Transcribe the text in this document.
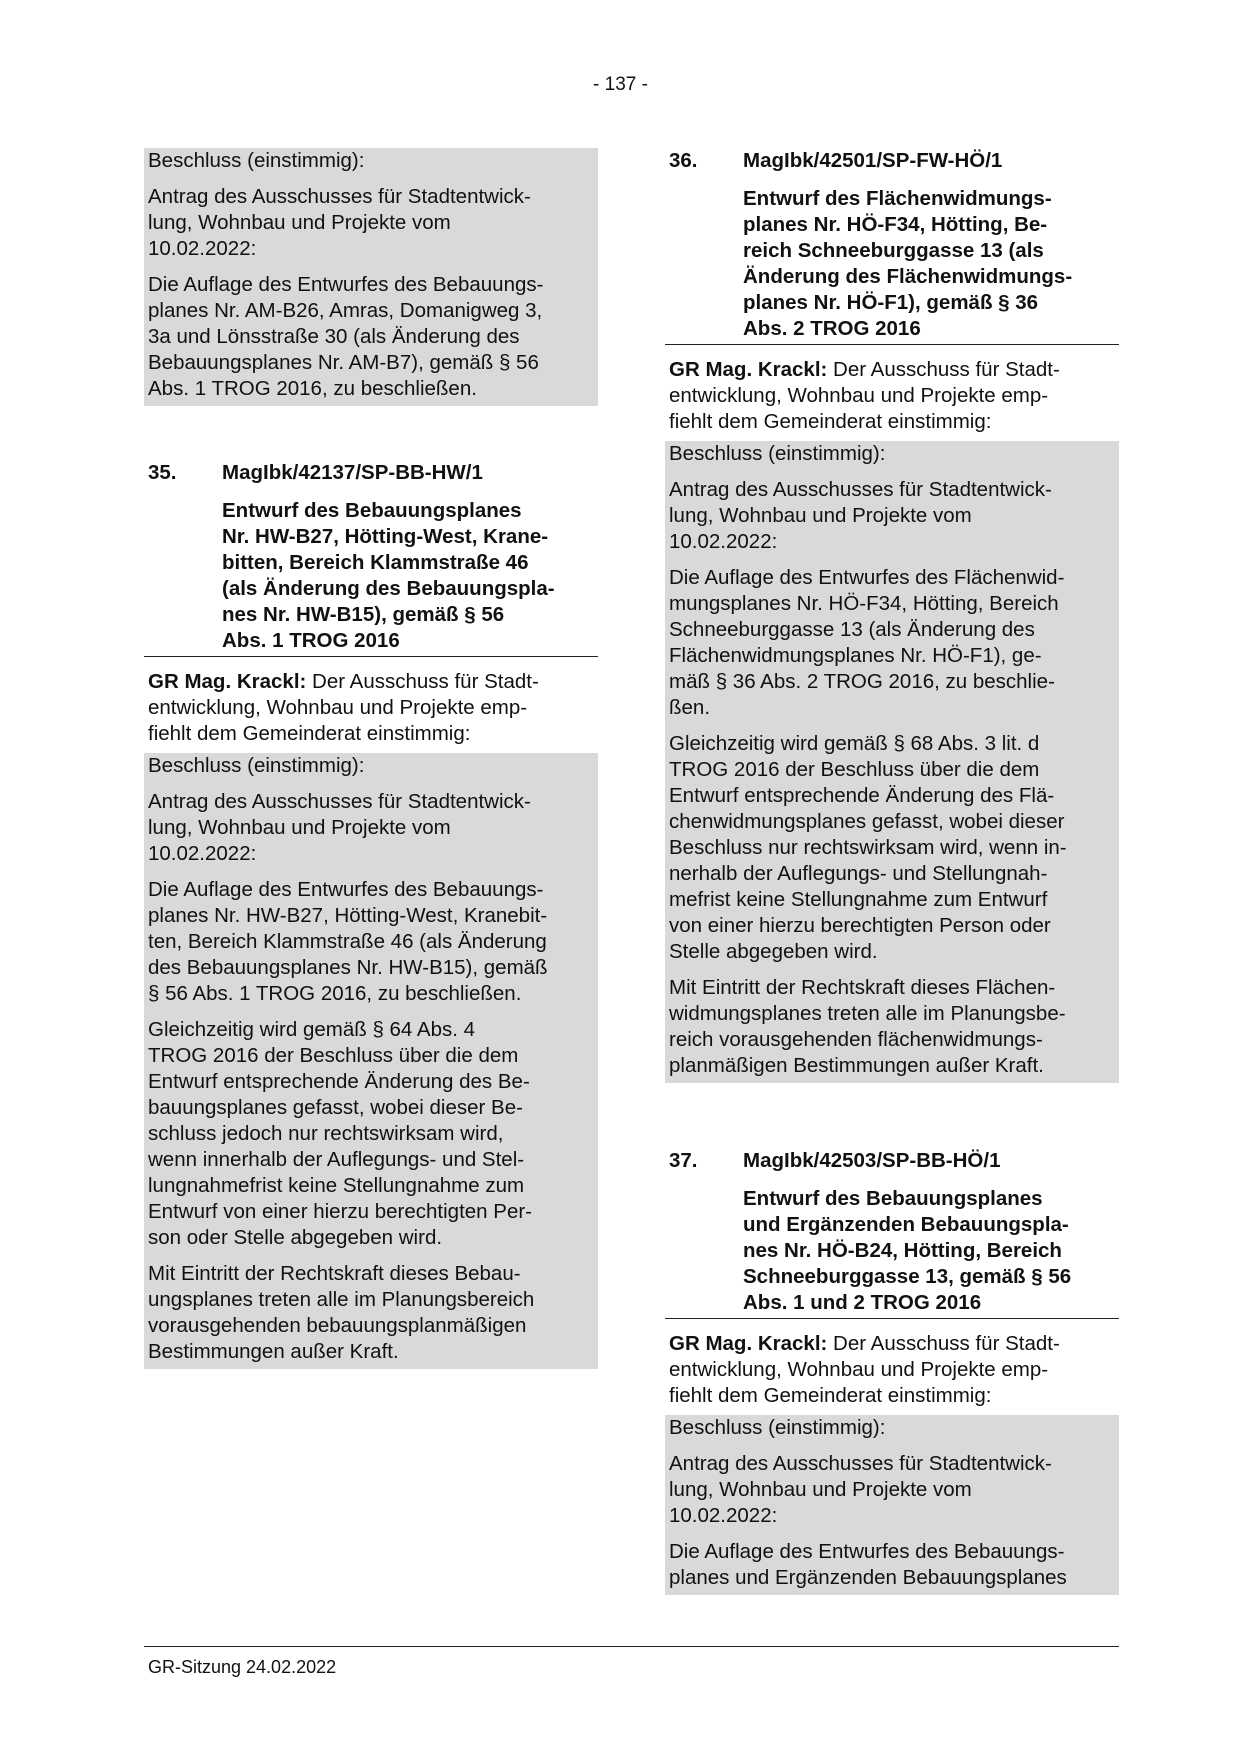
- 137 -

Beschluss (einstimmig):

Antrag des Ausschusses für Stadtentwick-
lung, Wohnbau und Projekte vom
10.02.2022:

Die Auflage des Entwurfes des Bebauungs-
planes Nr. AM-B26, Amras, Domanigweg 3,
3a und Lönsstraße 30 (als Änderung des
Bebauungsplanes Nr. AM-B7), gemäß § 56
Abs. 1 TROG 2016, zu beschließen.

35.	MagIbk/42137/SP-BB-HW/1
Entwurf des Bebauungsplanes
Nr. HW-B27, Hötting-West, Krane-
bitten, Bereich Klammstraße 46
(als Änderung des Bebauungspla-
nes Nr. HW-B15), gemäß § 56
Abs. 1 TROG 2016
GR Mag. Krackl: Der Ausschuss für Stadt-
entwicklung, Wohnbau und Projekte emp-
fiehlt dem Gemeinderat einstimmig:

Beschluss (einstimmig):

Antrag des Ausschusses für Stadtentwick-
lung, Wohnbau und Projekte vom
10.02.2022:

Die Auflage des Entwurfes des Bebauungs-
planes Nr. HW-B27, Hötting-West, Kranebit-
ten, Bereich Klammstraße 46 (als Änderung
des Bebauungsplanes Nr. HW-B15), gemäß
§ 56 Abs. 1 TROG 2016, zu beschließen.

Gleichzeitig wird gemäß § 64 Abs. 4
TROG 2016 der Beschluss über die dem
Entwurf entsprechende Änderung des Be-
bauungsplanes gefasst, wobei dieser Be-
schluss jedoch nur rechtswirksam wird,
wenn innerhalb der Auflegungs- und Stel-
lungnahmefrist keine Stellungnahme zum
Entwurf von einer hierzu berechtigten Per-
son oder Stelle abgegeben wird.

Mit Eintritt der Rechtskraft dieses Bebau-
ungsplanes treten alle im Planungsbereich
vorausgehenden bebauungsplanmäßigen
Bestimmungen außer Kraft.

36.	MagIbk/42501/SP-FW-HÖ/1
Entwurf des Flächenwidmungs-
planes Nr. HÖ-F34, Hötting, Be-
reich Schneeburggasse 13 (als
Änderung des Flächenwidmungs-
planes Nr. HÖ-F1), gemäß § 36
Abs. 2 TROG 2016
GR Mag. Krackl: Der Ausschuss für Stadt-
entwicklung, Wohnbau und Projekte emp-
fiehlt dem Gemeinderat einstimmig:

Beschluss (einstimmig):

Antrag des Ausschusses für Stadtentwick-
lung, Wohnbau und Projekte vom
10.02.2022:

Die Auflage des Entwurfes des Flächenwid-
mungsplanes Nr. HÖ-F34, Hötting, Bereich
Schneeburggasse 13 (als Änderung des
Flächenwidmungsplanes Nr. HÖ-F1), ge-
mäß § 36 Abs. 2 TROG 2016, zu beschlie-
ßen.

Gleichzeitig wird gemäß § 68 Abs. 3 lit. d
TROG 2016 der Beschluss über die dem
Entwurf entsprechende Änderung des Flä-
chenwidmungsplanes gefasst, wobei dieser
Beschluss nur rechtswirksam wird, wenn in-
nerhalb der Auflegungs- und Stellungnah-
mefrist keine Stellungnahme zum Entwurf
von einer hierzu berechtigten Person oder
Stelle abgegeben wird.

Mit Eintritt der Rechtskraft dieses Flächen-
widmungsplanes treten alle im Planungsbe-
reich vorausgehenden flächenwidmungs-
planmäßigen Bestimmungen außer Kraft.

37.	MagIbk/42503/SP-BB-HÖ/1
Entwurf des Bebauungsplanes
und Ergänzenden Bebauungspla-
nes Nr. HÖ-B24, Hötting, Bereich
Schneeburggasse 13, gemäß § 56
Abs. 1 und 2 TROG 2016
GR Mag. Krackl: Der Ausschuss für Stadt-
entwicklung, Wohnbau und Projekte emp-
fiehlt dem Gemeinderat einstimmig:

Beschluss (einstimmig):

Antrag des Ausschusses für Stadtentwick-
lung, Wohnbau und Projekte vom
10.02.2022:

Die Auflage des Entwurfes des Bebauungs-
planes und Ergänzenden Bebauungsplanes

GR-Sitzung 24.02.2022
